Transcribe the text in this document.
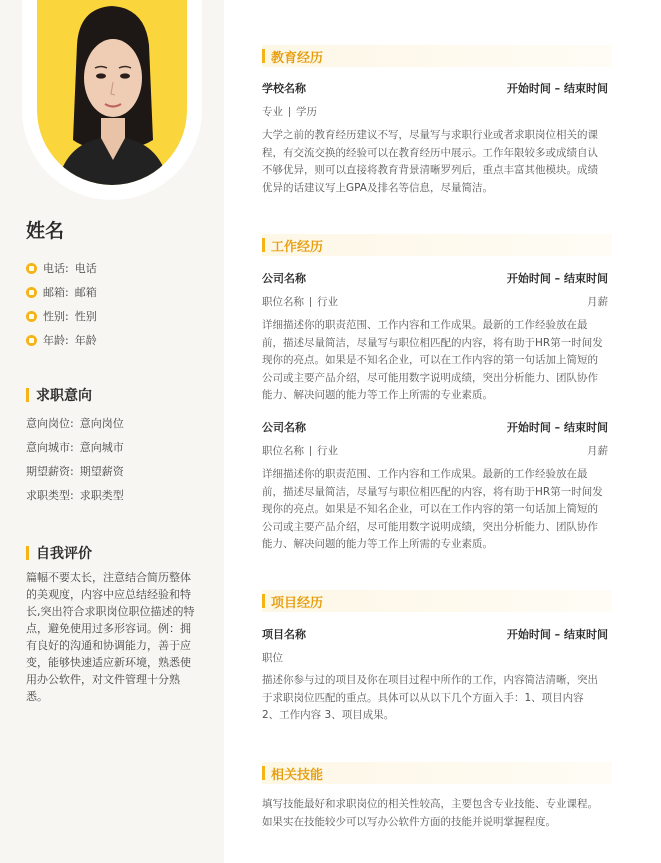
姓名
电话: 电话
邮箱: 邮箱
性别: 性别
年龄: 年龄
求职意向
意向岗位: 意向岗位
意向城市: 意向城市
期望薪资: 期望薪资
求职类型: 求职类型
自我评价
篇幅不要太长，注意结合简历整体的美观度，内容中应总结经验和特长,突出符合求职岗位职位描述的特点，避免使用过多形容词。例：拥有良好的沟通和协调能力，善于应变，能够快速适应新环境，熟悉使用办公软件，对文件管理十分熟悉。
教育经历
学校名称	开始时间 – 结束时间
专业 学历
大学之前的教育经历建议不写，尽量写与求职行业或者求职岗位相关的课程，有交流交换的经验可以在教育经历中展示。工作年限较多或成绩自认不够优异，则可以直接将教育背景清晰罗列后，重点丰富其他模块。成绩优异的话建议写上GPA及排名等信息，尽量简洁。
工作经历
公司名称	开始时间 – 结束时间
职位名称 行业	月薪
详细描述你的职责范围、工作内容和工作成果。最新的工作经验放在最前，描述尽量简洁，尽量写与职位相匹配的内容，将有助于HR第一时间发现你的亮点。如果是不知名企业，可以在工作内容的第一句话加上简短的公司或主要产品介绍，尽可能用数字说明成绩，突出分析能力、团队协作能力、解决问题的能力等工作上所需的专业素质。
公司名称	开始时间 – 结束时间
职位名称 行业	月薪
详细描述你的职责范围、工作内容和工作成果。最新的工作经验放在最前，描述尽量简洁，尽量写与职位相匹配的内容，将有助于HR第一时间发现你的亮点。如果是不知名企业，可以在工作内容的第一句话加上简短的公司或主要产品介绍，尽可能用数字说明成绩，突出分析能力、团队协作能力、解决问题的能力等工作上所需的专业素质。
项目经历
项目名称	开始时间 – 结束时间
职位
描述你参与过的项目及你在项目过程中所作的工作，内容简洁清晰，突出于求职岗位匹配的重点。具体可以从以下几个方面入手：1、项目内容 2、工作内容 3、项目成果。
相关技能
填写技能最好和求职岗位的相关性较高，主要包含专业技能、专业课程。如果实在技能较少可以写办公软件方面的技能并说明掌握程度。
